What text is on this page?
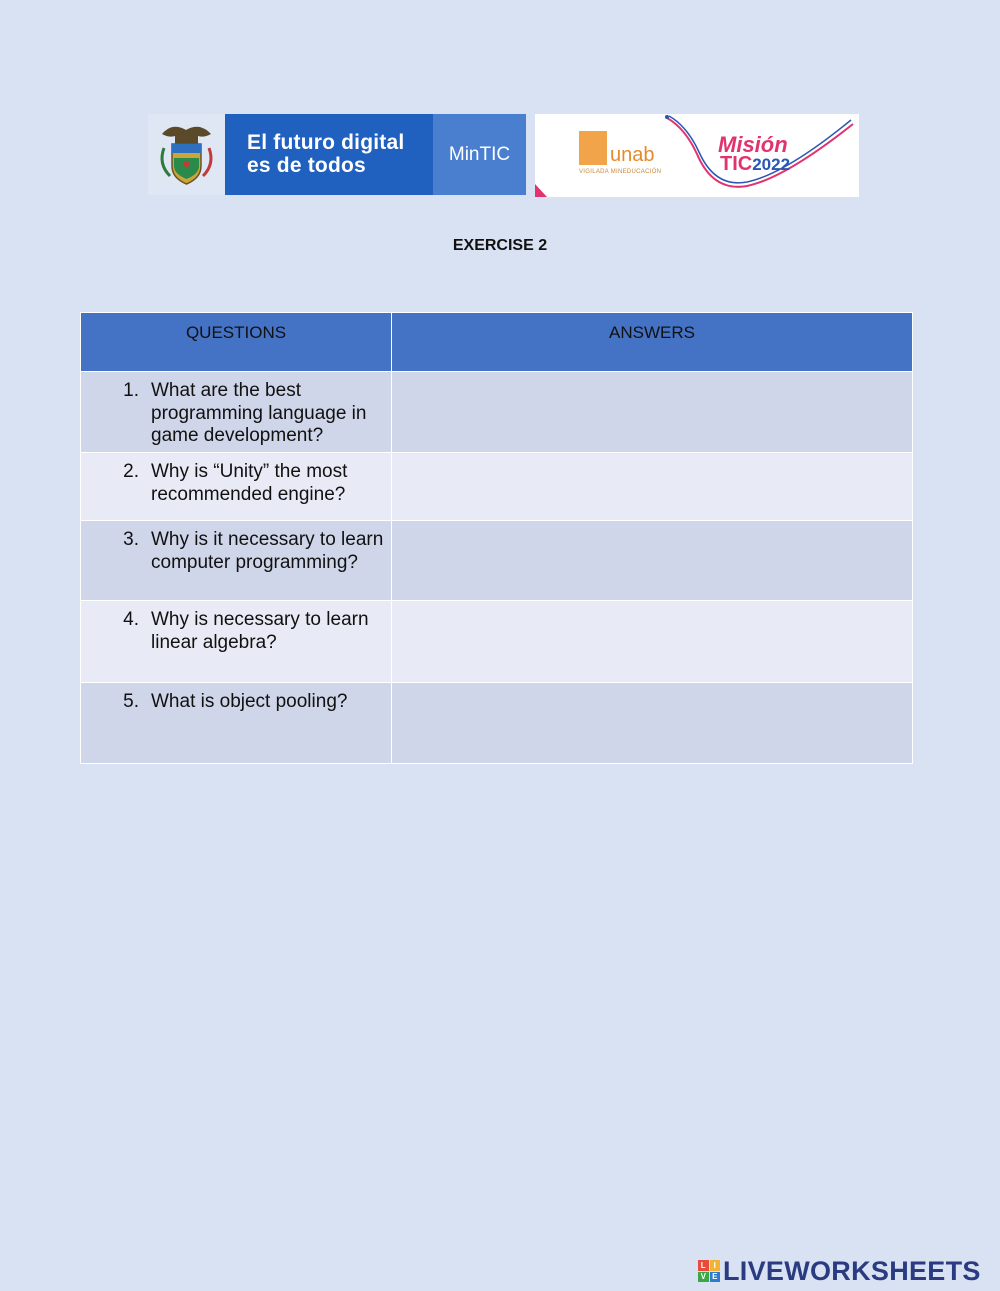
El futuro digital
es de todos	MinTIC	unab
VIGILADA MINEDUCACIÓN
Misión
TIC2022
EXERCISE 2
QUESTIONS	ANSWERS

1. What are the best programming language in game development?	

2. Why is “Unity” the most recommended engine?	

3. Why is it necessary to learn computer programming?	

4. Why is necessary to learn linear algebra?	

5. What is object pooling?	

L I
V E LIVEWORKSHEETS
